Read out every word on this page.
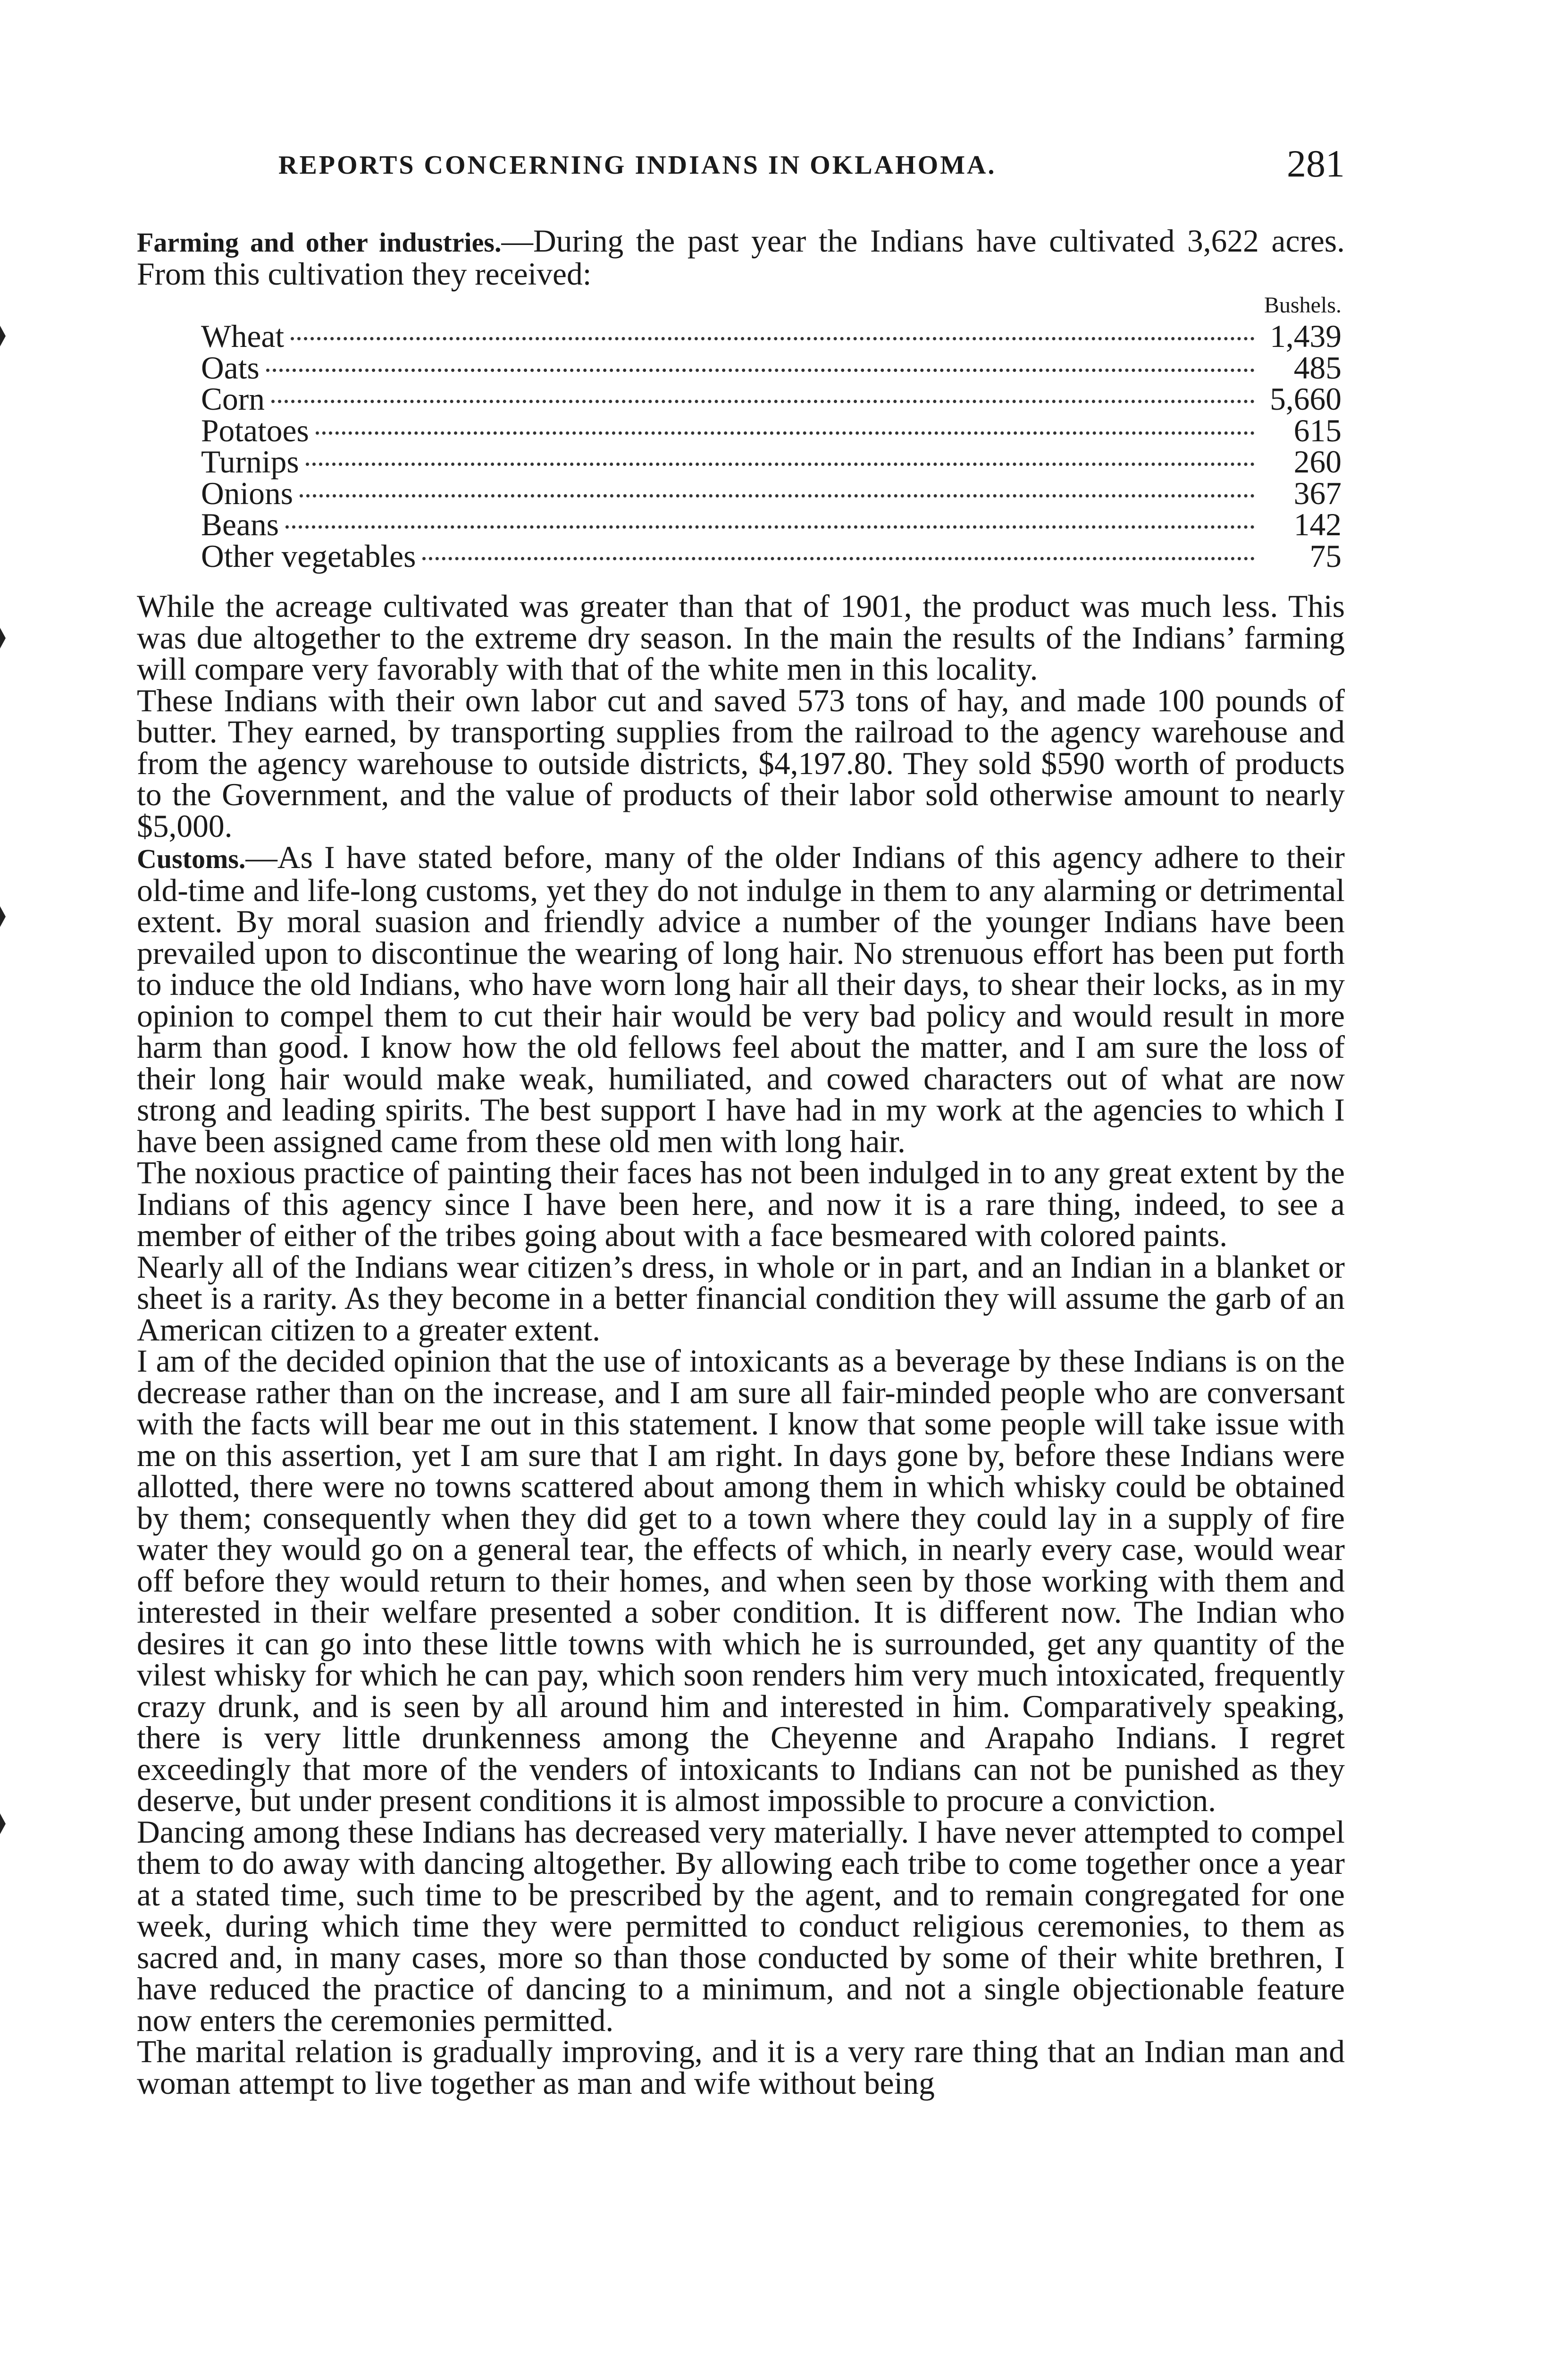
REPORTS CONCERNING INDIANS IN OKLAHOMA.	281

Farming and other industries.—During the past year the Indians have cultivated 3,622 acres. From this cultivation they received:

Bushels.
Wheat	1,439
Oats	485
Corn	5,660
Potatoes	615
Turnips	260
Onions	367
Beans	142
Other vegetables	75

While the acreage cultivated was greater than that of 1901, the product was much less. This was due altogether to the extreme dry season. In the main the results of the Indians’ farming will compare very favorably with that of the white men in this locality.

These Indians with their own labor cut and saved 573 tons of hay, and made 100 pounds of butter. They earned, by transporting supplies from the railroad to the agency warehouse and from the agency warehouse to outside districts, $4,197.80. They sold $590 worth of products to the Government, and the value of products of their labor sold otherwise amount to nearly $5,000.

Customs.—As I have stated before, many of the older Indians of this agency adhere to their old-time and life-long customs, yet they do not indulge in them to any alarming or detrimental extent. By moral suasion and friendly advice a number of the younger Indians have been prevailed upon to discontinue the wearing of long hair. No strenuous effort has been put forth to induce the old Indians, who have worn long hair all their days, to shear their locks, as in my opinion to compel them to cut their hair would be very bad policy and would result in more harm than good. I know how the old fellows feel about the matter, and I am sure the loss of their long hair would make weak, humiliated, and cowed characters out of what are now strong and leading spirits. The best support I have had in my work at the agencies to which I have been assigned came from these old men with long hair.

The noxious practice of painting their faces has not been indulged in to any great extent by the Indians of this agency since I have been here, and now it is a rare thing, indeed, to see a member of either of the tribes going about with a face besmeared with colored paints.

Nearly all of the Indians wear citizen’s dress, in whole or in part, and an Indian in a blanket or sheet is a rarity. As they become in a better financial condition they will assume the garb of an American citizen to a greater extent.

I am of the decided opinion that the use of intoxicants as a beverage by these Indians is on the decrease rather than on the increase, and I am sure all fair-minded people who are conversant with the facts will bear me out in this statement. I know that some people will take issue with me on this assertion, yet I am sure that I am right. In days gone by, before these Indians were allotted, there were no towns scattered about among them in which whisky could be obtained by them; consequently when they did get to a town where they could lay in a supply of fire water they would go on a general tear, the effects of which, in nearly every case, would wear off before they would return to their homes, and when seen by those working with them and interested in their welfare presented a sober condition. It is different now. The Indian who desires it can go into these little towns with which he is surrounded, get any quantity of the vilest whisky for which he can pay, which soon renders him very much intoxicated, frequently crazy drunk, and is seen by all around him and interested in him. Comparatively speaking, there is very little drunkenness among the Cheyenne and Arapaho Indians. I regret exceedingly that more of the venders of intoxicants to Indians can not be punished as they deserve, but under present conditions it is almost impossible to procure a conviction.

Dancing among these Indians has decreased very materially. I have never attempted to compel them to do away with dancing altogether. By allowing each tribe to come together once a year at a stated time, such time to be prescribed by the agent, and to remain congregated for one week, during which time they were permitted to conduct religious ceremonies, to them as sacred and, in many cases, more so than those conducted by some of their white brethren, I have reduced the practice of dancing to a minimum, and not a single objectionable feature now enters the ceremonies permitted.

The marital relation is gradually improving, and it is a very rare thing that an Indian man and woman attempt to live together as man and wife without being
